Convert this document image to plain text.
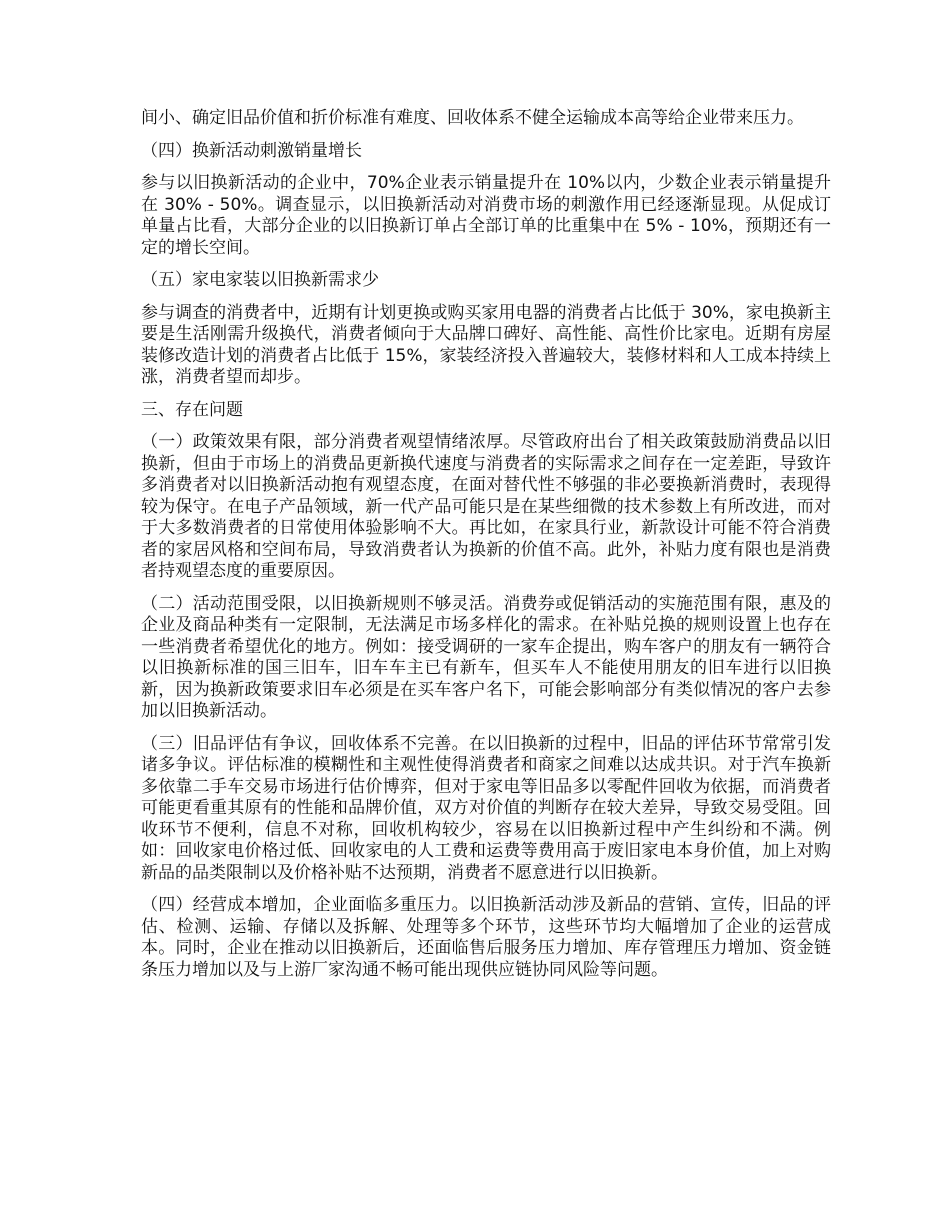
间小、确定旧品价值和折价标准有难度、回收体系不健全运输成本高等给企业带来压力。

（四）换新活动刺激销量增长

参与以旧换新活动的企业中，70%企业表示销量提升在 10%以内，少数企业表示销量提升在 30% - 50%。调查显示，以旧换新活动对消费市场的刺激作用已经逐渐显现。从促成订单量占比看，大部分企业的以旧换新订单占全部订单的比重集中在 5% - 10%，预期还有一定的增长空间。

（五）家电家装以旧换新需求少

参与调查的消费者中，近期有计划更换或购买家用电器的消费者占比低于 30%，家电换新主要是生活刚需升级换代，消费者倾向于大品牌口碑好、高性能、高性价比家电。近期有房屋装修改造计划的消费者占比低于 15%，家装经济投入普遍较大，装修材料和人工成本持续上涨，消费者望而却步。

三、存在问题

（一）政策效果有限，部分消费者观望情绪浓厚。尽管政府出台了相关政策鼓励消费品以旧换新，但由于市场上的消费品更新换代速度与消费者的实际需求之间存在一定差距，导致许多消费者对以旧换新活动抱有观望态度，在面对替代性不够强的非必要换新消费时，表现得较为保守。在电子产品领域，新一代产品可能只是在某些细微的技术参数上有所改进，而对于大多数消费者的日常使用体验影响不大。再比如，在家具行业，新款设计可能不符合消费者的家居风格和空间布局，导致消费者认为换新的价值不高。此外，补贴力度有限也是消费者持观望态度的重要原因。

（二）活动范围受限，以旧换新规则不够灵活。消费券或促销活动的实施范围有限，惠及的企业及商品种类有一定限制，无法满足市场多样化的需求。在补贴兑换的规则设置上也存在一些消费者希望优化的地方。例如：接受调研的一家车企提出，购车客户的朋友有一辆符合以旧换新标准的国三旧车，旧车车主已有新车，但买车人不能使用朋友的旧车进行以旧换新，因为换新政策要求旧车必须是在买车客户名下，可能会影响部分有类似情况的客户去参加以旧换新活动。

（三）旧品评估有争议，回收体系不完善。在以旧换新的过程中，旧品的评估环节常常引发诸多争议。评估标准的模糊性和主观性使得消费者和商家之间难以达成共识。对于汽车换新多依靠二手车交易市场进行估价博弈，但对于家电等旧品多以零配件回收为依据，而消费者可能更看重其原有的性能和品牌价值，双方对价值的判断存在较大差异，导致交易受阻。回收环节不便利，信息不对称，回收机构较少，容易在以旧换新过程中产生纠纷和不满。例如：回收家电价格过低、回收家电的人工费和运费等费用高于废旧家电本身价值，加上对购新品的品类限制以及价格补贴不达预期，消费者不愿意进行以旧换新。

（四）经营成本增加，企业面临多重压力。以旧换新活动涉及新品的营销、宣传，旧品的评估、检测、运输、存储以及拆解、处理等多个环节，这些环节均大幅增加了企业的运营成本。同时，企业在推动以旧换新后，还面临售后服务压力增加、库存管理压力增加、资金链条压力增加以及与上游厂家沟通不畅可能出现供应链协同风险等问题。
